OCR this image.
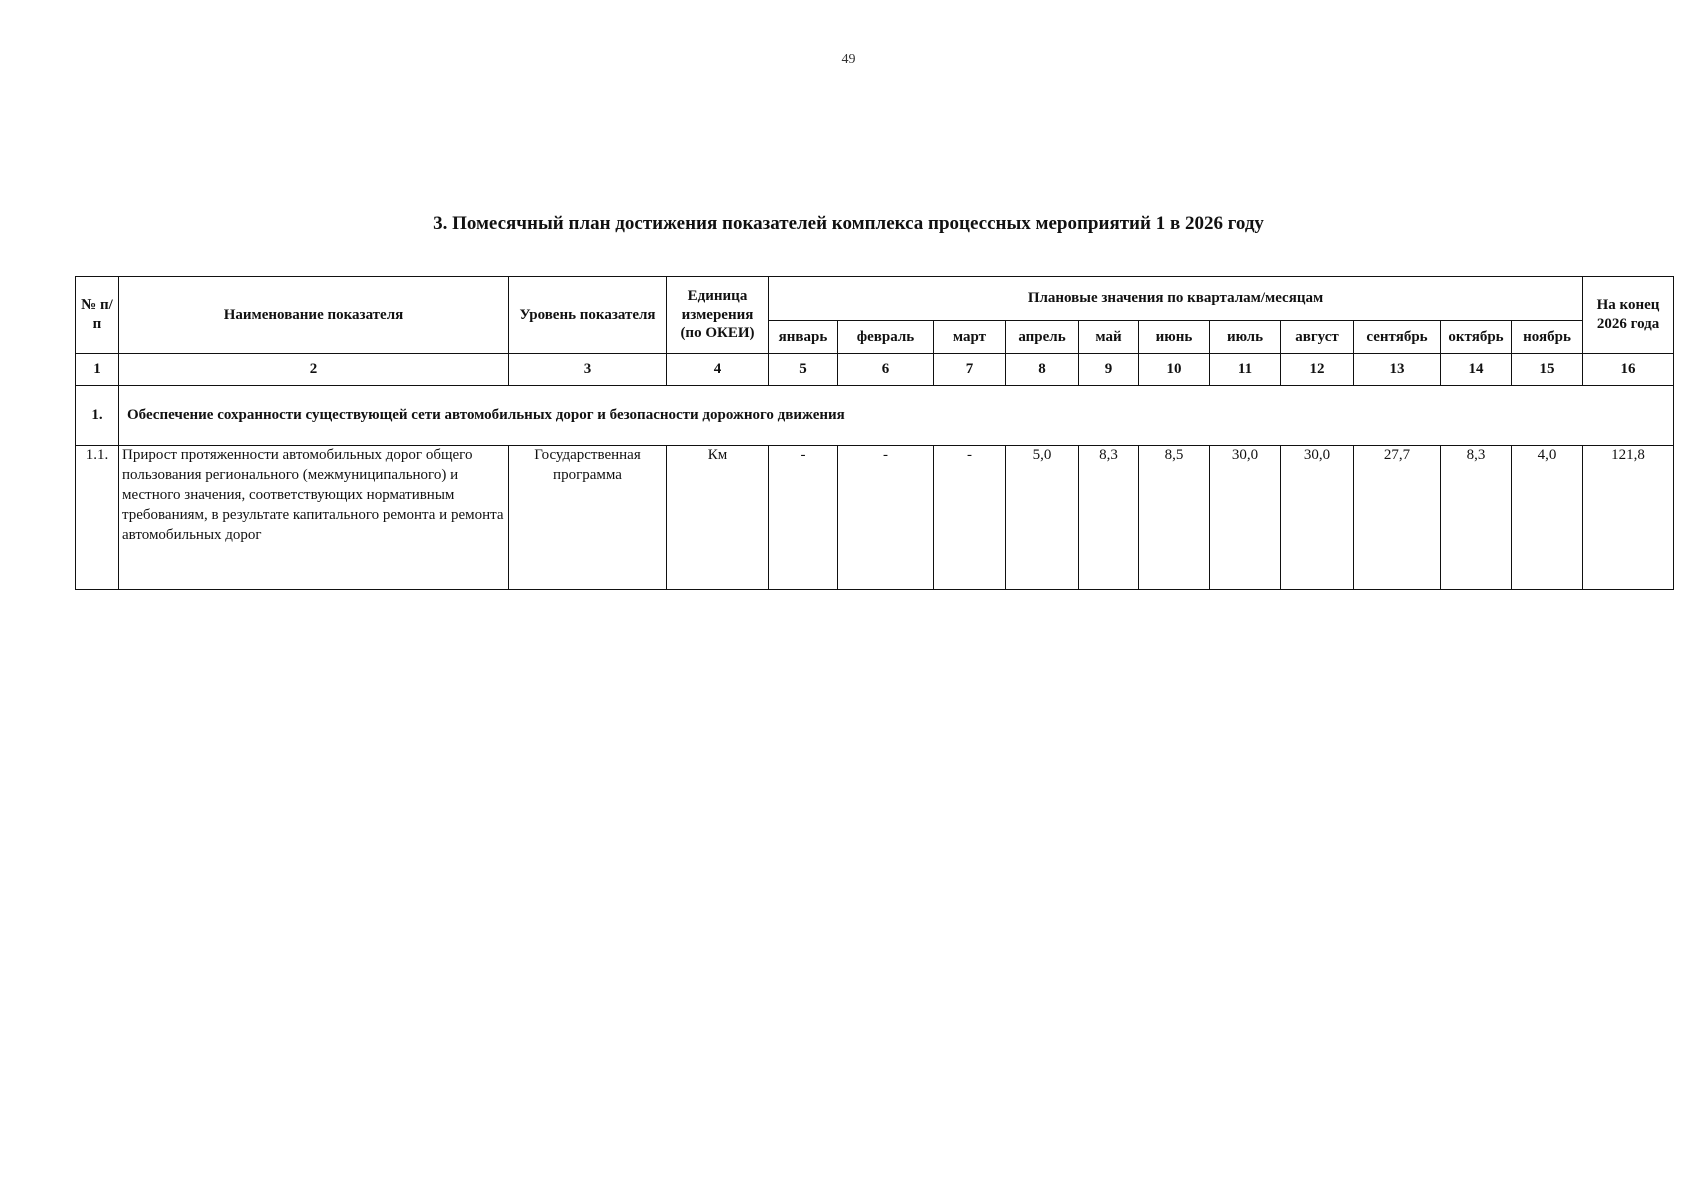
49
3. Помесячный план достижения показателей комплекса процессных мероприятий 1 в 2026 году
№ п/п	Наименование показателя	Уровень показателя	Единица измерения (по ОКЕИ)	Плановые значения по кварталам/месяцам											На конец 2026 года
				январь	февраль	март	апрель	май	июнь	июль	август	сентябрь	октябрь	ноябрь	
1	2	3	4	5	6	7	8	9	10	11	12	13	14	15	16
1.	Обеспечение сохранности существующей сети автомобильных дорог и безопасности дорожного движения														
1.1.	Прирост протяженности автомобильных дорог общего пользования регионального (межмуниципального) и местного значения, соответствующих нормативным требованиям, в результате капитального ремонта и ремонта автомобильных дорог	Государственная программа	Км	-	-	-	5,0	8,3	8,5	30,0	30,0	27,7	8,3	4,0	121,8
